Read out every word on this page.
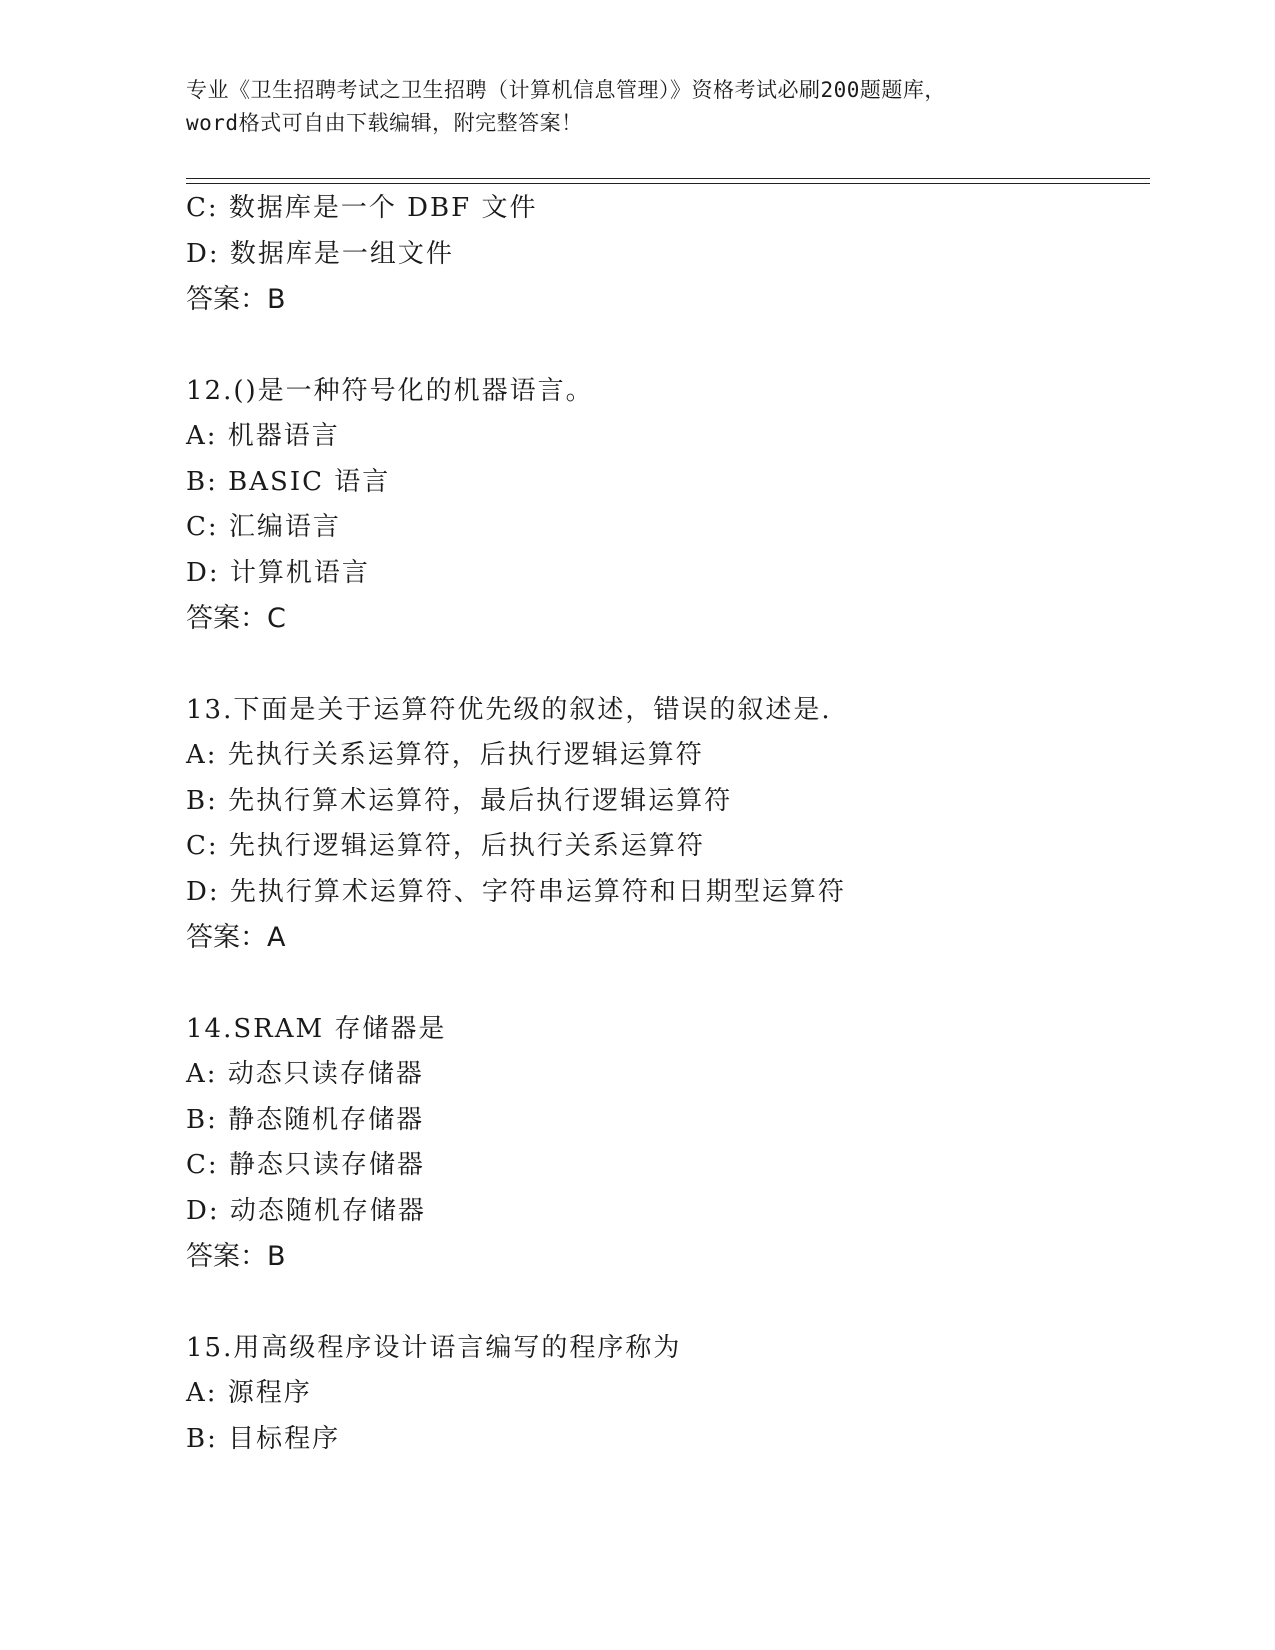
专业《卫生招聘考试之卫生招聘（计算机信息管理）》资格考试必刷200题题库，
word格式可自由下载编辑，附完整答案！
C: 数据库是一个 DBF 文件
D: 数据库是一组文件
答案：B
12.()是一种符号化的机器语言。
A: 机器语言
B: BASIC 语言
C: 汇编语言
D: 计算机语言
答案：C
13.下面是关于运算符优先级的叙述，错误的叙述是.
A: 先执行关系运算符，后执行逻辑运算符
B: 先执行算术运算符，最后执行逻辑运算符
C: 先执行逻辑运算符，后执行关系运算符
D: 先执行算术运算符、字符串运算符和日期型运算符
答案：A
14.SRAM 存储器是
A: 动态只读存储器
B: 静态随机存储器
C: 静态只读存储器
D: 动态随机存储器
答案：B
15.用高级程序设计语言编写的程序称为
A: 源程序
B: 目标程序
